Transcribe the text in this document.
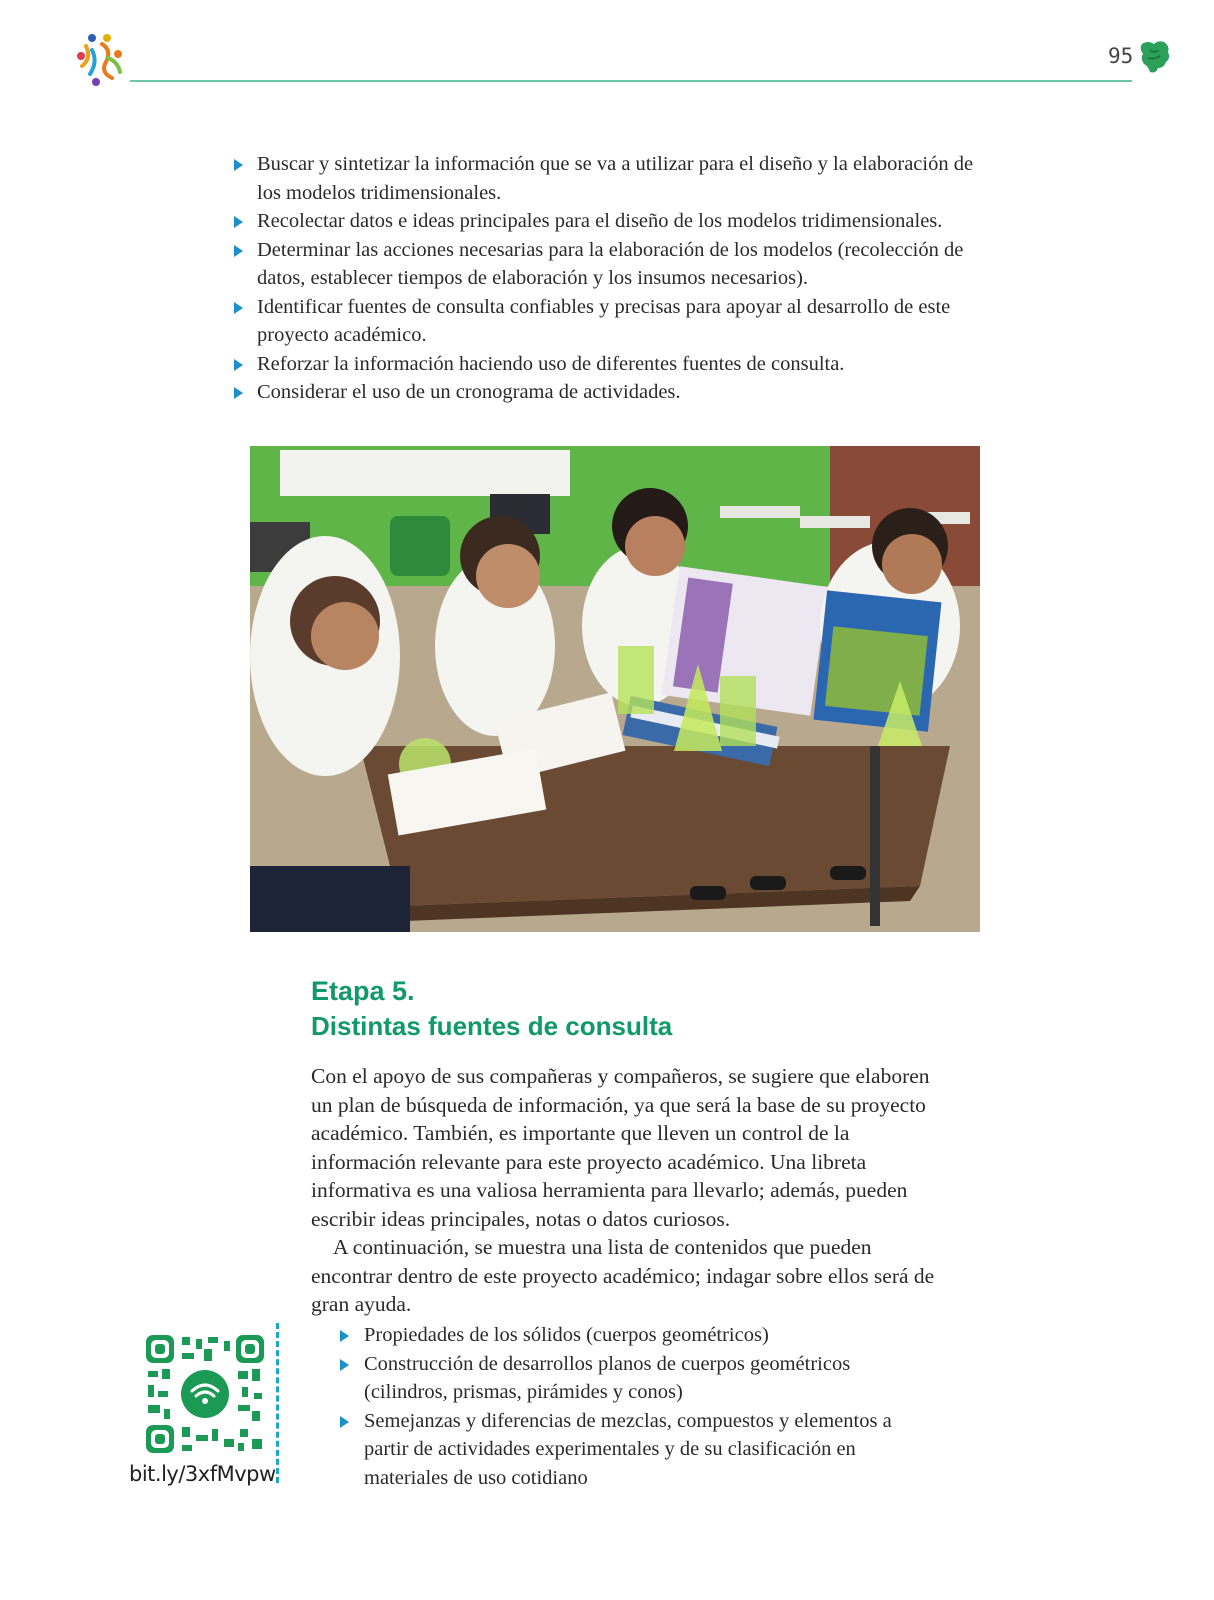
95
Buscar y sintetizar la información que se va a utilizar para el diseño y la elaboración de los modelos tridimensionales.
Recolectar datos e ideas principales para el diseño de los modelos tridimensionales.
Determinar las acciones necesarias para la elaboración de los modelos (recolección de datos, establecer tiempos de elaboración y los insumos necesarios).
Identificar fuentes de consulta confiables y precisas para apoyar al desarrollo de este proyecto académico.
Reforzar la información haciendo uso de diferentes fuentes de consulta.
Considerar el uso de un cronograma de actividades.
Etapa 5.
Distintas fuentes de consulta

Con el apoyo de sus compañeras y compañeros, se sugiere que elaboren un plan de búsqueda de información, ya que será la base de su proyecto académico. También, es importante que lleven un control de la información relevante para este proyecto académico. Una libreta informativa es una valiosa herramienta para llevarlo; además, pueden escribir ideas principales, notas o datos curiosos.

A continuación, se muestra una lista de contenidos que pueden encontrar dentro de este proyecto académico; indagar sobre ellos será de gran ayuda.

Propiedades de los sólidos (cuerpos geométricos)
Construcción de desarrollos planos de cuerpos geométricos (cilindros, prismas, pirámides y conos)
Semejanzas y diferencias de mezclas, compuestos y elementos a partir de actividades experimentales y de su clasificación en materiales de uso cotidiano
bit.ly/3xfMvpw
